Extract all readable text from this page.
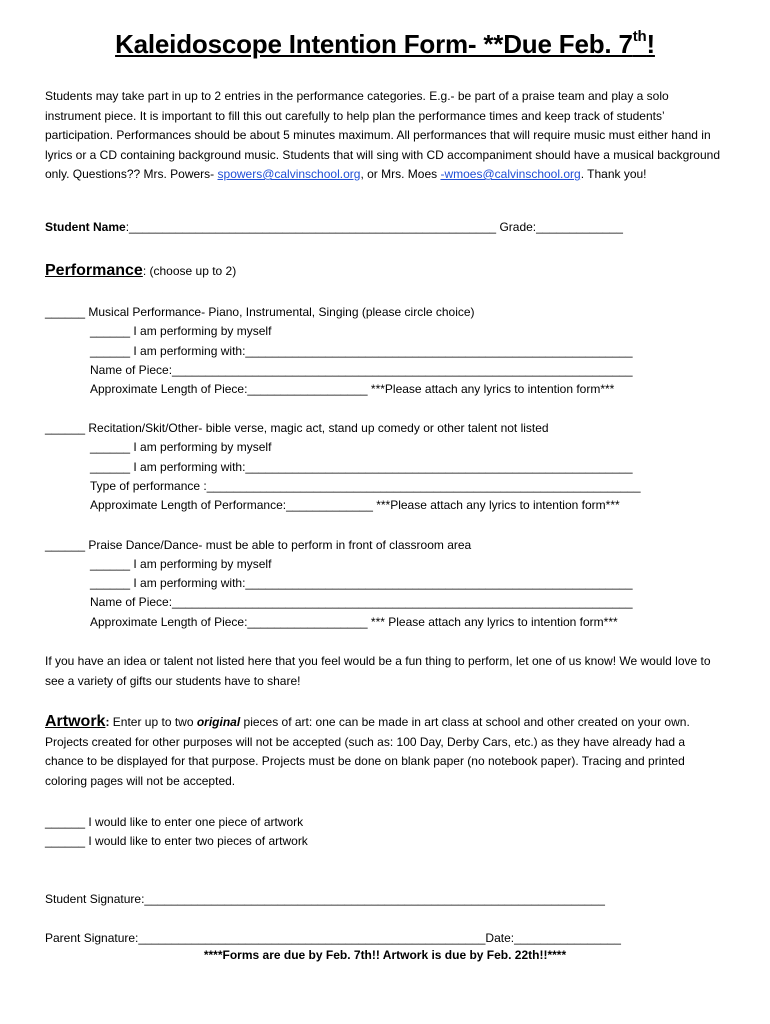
Kaleidoscope Intention Form- **Due Feb. 7th!
Students may take part in up to 2 entries in the performance categories. E.g.- be part of a praise team and play a solo instrument piece. It is important to fill this out carefully to help plan the performance times and keep track of students’ participation. Performances should be about 5 minutes maximum. All performances that will require music must either hand in lyrics or a CD containing background music. Students that will sing with CD accompaniment should have a musical background only. Questions?? Mrs. Powers- spowers@calvinschool.org, or Mrs. Moes -wmoes@calvinschool.org. Thank you!
Student Name:_______________________________________________________ Grade:_____________
Performance: (choose up to 2)
______ Musical Performance- Piano, Instrumental, Singing (please circle choice)
______ I am performing by myself
______ I am performing with:__________________________________________________________
Name of Piece:_____________________________________________________________________
Approximate Length of Piece:__________________ ***Please attach any lyrics to intention form***
______ Recitation/Skit/Other- bible verse, magic act, stand up comedy or other talent not listed
______ I am performing by myself
______ I am performing with:__________________________________________________________
Type of performance :_________________________________________________________________
Approximate Length of Performance:_____________ ***Please attach any lyrics to intention form***
______ Praise Dance/Dance- must be able to perform in front of classroom area
______ I am performing by myself
______ I am performing with:__________________________________________________________
Name of Piece:_____________________________________________________________________
Approximate Length of Piece:__________________ *** Please attach any lyrics to intention form***
If you have an idea or talent not listed here that you feel would be a fun thing to perform, let one of us know! We would love to see a variety of gifts our students have to share!
Artwork: Enter up to two original pieces of art: one can be made in art class at school and other created on your own. Projects created for other purposes will not be accepted (such as: 100 Day, Derby Cars, etc.) as they have already had a chance to be displayed for that purpose. Projects must be done on blank paper (no notebook paper). Tracing and printed coloring pages will not be accepted.
______ I would like to enter one piece of artwork
______ I would like to enter two pieces of artwork
Student Signature:_____________________________________________________________________
Parent Signature:____________________________________________________Date:________________
****Forms are due by Feb. 7th!! Artwork is due by Feb. 22th!!****
